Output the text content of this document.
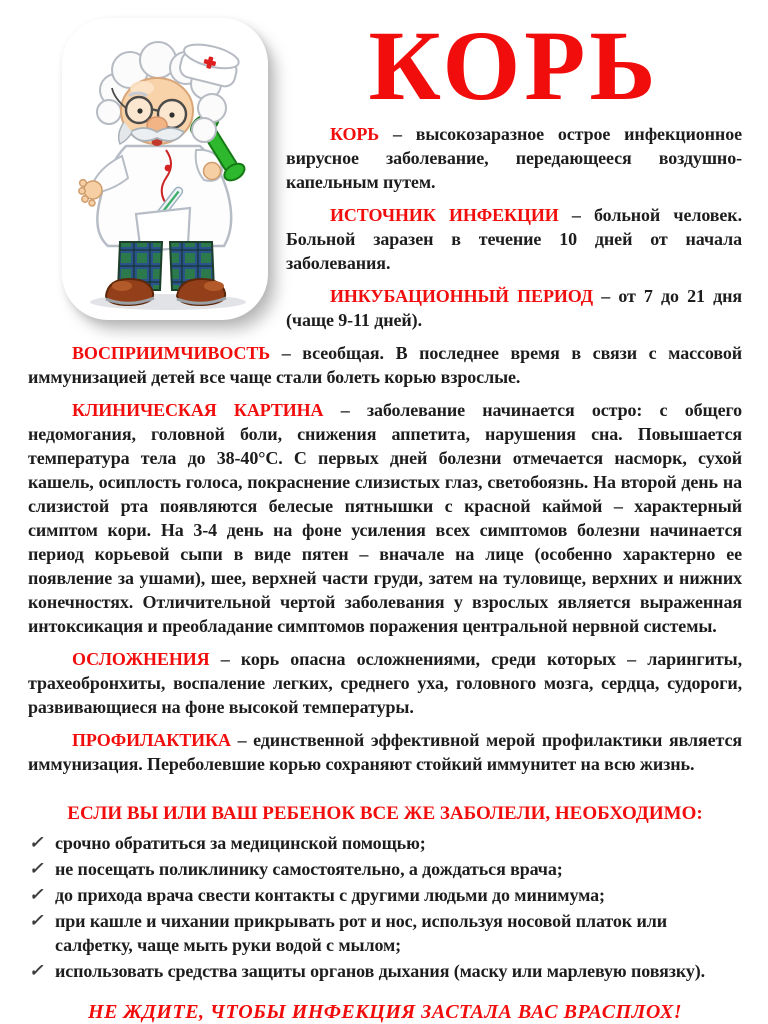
КОРЬ

КОРЬ – высокозаразное острое инфекционное вирусное заболевание, передающееся воздушно-капельным путем.

ИСТОЧНИК ИНФЕКЦИИ – больной человек. Больной заразен в течение 10 дней от начала заболевания.

ИНКУБАЦИОННЫЙ ПЕРИОД – от 7 до 21 дня (чаще 9-11 дней).

ВОСПРИИМЧИВОСТЬ – всеобщая. В последнее время в связи с массовой иммунизацией детей все чаще стали болеть корью взрослые.

КЛИНИЧЕСКАЯ КАРТИНА – заболевание начинается остро: с общего недомогания, головной боли, снижения аппетита, нарушения сна. Повышается температура тела до 38-40°С. С первых дней болезни отмечается насморк, сухой кашель, осиплость голоса, покраснение слизистых глаз, светобоязнь. На второй день на слизистой рта появляются белесые пятнышки с красной каймой – характерный симптом кори. На 3-4 день на фоне усиления всех симптомов болезни начинается период корьевой сыпи в виде пятен – вначале на лице (особенно характерно ее появление за ушами), шее, верхней части груди, затем на туловище, верхних и нижних конечностях. Отличительной чертой заболевания у взрослых является выраженная интоксикация и преобладание симптомов поражения центральной нервной системы.

ОСЛОЖНЕНИЯ – корь опасна осложнениями, среди которых – ларингиты, трахеобронхиты, воспаление легких, среднего уха, головного мозга, сердца, судороги, развивающиеся на фоне высокой температуры.

ПРОФИЛАКТИКА – единственной эффективной мерой профилактики является иммунизация. Переболевшие корью сохраняют стойкий иммунитет на всю жизнь.

ЕСЛИ ВЫ ИЛИ ВАШ РЕБЕНОК ВСЕ ЖЕ ЗАБОЛЕЛИ, НЕОБХОДИМО:

✓ срочно обратиться за медицинской помощью;
✓ не посещать поликлинику самостоятельно, а дождаться врача;
✓ до прихода врача свести контакты с другими людьми до минимума;
✓ при кашле и чихании прикрывать рот и нос, используя носовой платок или салфетку, чаще мыть руки водой с мылом;
✓ использовать средства защиты органов дыхания (маску или марлевую повязку).

НЕ ЖДИТЕ, ЧТОБЫ ИНФЕКЦИЯ ЗАСТАЛА ВАС ВРАСПЛОХ!
